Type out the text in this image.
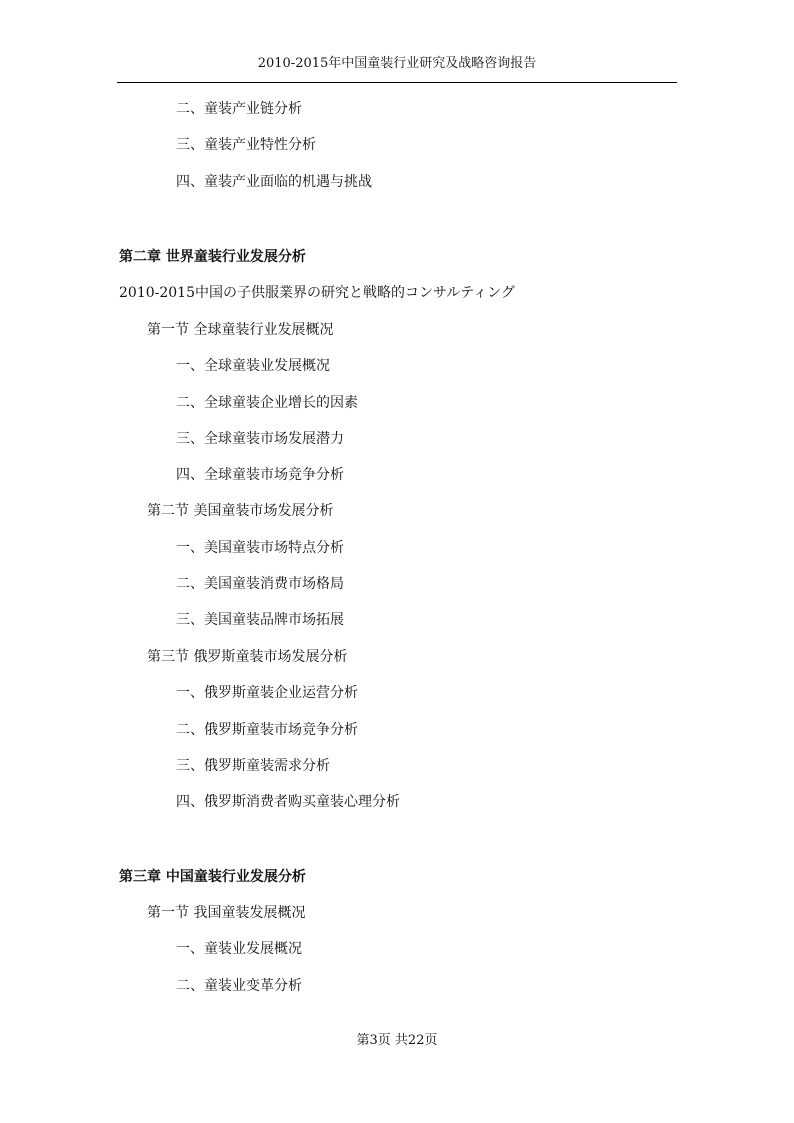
2010-2015年中国童装行业研究及战略咨询报告
二、童装产业链分析
三、童装产业特性分析
四、童装产业面临的机遇与挑战
第二章 世界童装行业发展分析
2010-2015中国の子供服業界の研究と戦略的コンサルティング
第一节 全球童装行业发展概况
一、全球童装业发展概况
二、全球童装企业增长的因素
三、全球童装市场发展潜力
四、全球童装市场竞争分析
第二节 美国童装市场发展分析
一、美国童装市场特点分析
二、美国童装消费市场格局
三、美国童装品牌市场拓展
第三节 俄罗斯童装市场发展分析
一、俄罗斯童装企业运营分析
二、俄罗斯童装市场竞争分析
三、俄罗斯童装需求分析
四、俄罗斯消费者购买童装心理分析
第三章 中国童装行业发展分析
第一节 我国童装发展概况
一、童装业发展概况
二、童装业变革分析
第3页 共22页
